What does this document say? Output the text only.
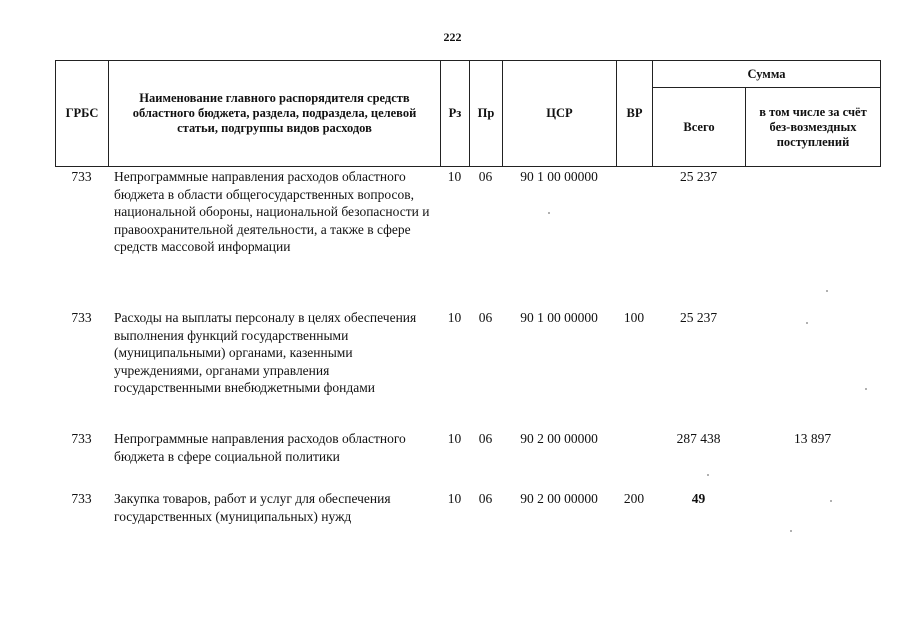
222
ГРБС	Наименование главного распорядителя средств областного бюджета, раздела, подраздела, целевой статьи, подгруппы видов расходов	Рз	Пр	ЦСР	ВР	Сумма	
						Всего	в том числе за счёт без-возмездных поступлений
733	Непрограммные направления расходов областного бюджета в области общегосударственных вопросов, национальной обороны, национальной безопасности и правоохранительной деятельности, а также в сфере средств массовой информации	10	06	90 1 00 00000		25 237	
733	Расходы на выплаты персоналу в целях обеспечения выполнения функций государственными (муниципальными) органами, казенными учреждениями, органами управления государственными внебюджетными фондами	10	06	90 1 00 00000	100	25 237	
733	Непрограммные направления расходов областного бюджета в сфере социальной политики	10	06	90 2 00 00000		287 438	13 897
733	Закупка товаров, работ и услуг для обеспечения государственных (муниципальных) нужд	10	06	90 2 00 00000	200	49	
